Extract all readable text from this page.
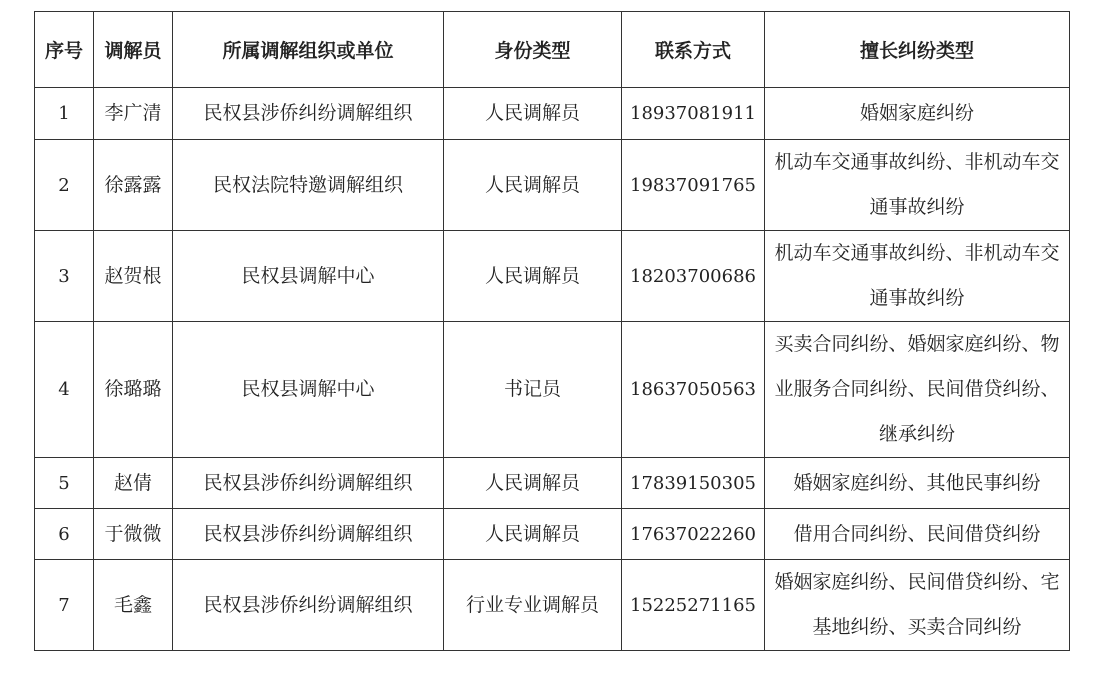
序号	调解员	所属调解组织或单位	身份类型	联系方式	擅长纠纷类型
1	李广清	民权县涉侨纠纷调解组织	人民调解员	18937081911	婚姻家庭纠纷
2	徐露露	民权法院特邀调解组织	人民调解员	19837091765	机动车交通事故纠纷、非机动车交通事故纠纷
3	赵贺根	民权县调解中心	人民调解员	18203700686	机动车交通事故纠纷、非机动车交通事故纠纷
4	徐璐璐	民权县调解中心	书记员	18637050563	买卖合同纠纷、婚姻家庭纠纷、物业服务合同纠纷、民间借贷纠纷、继承纠纷
5	赵倩	民权县涉侨纠纷调解组织	人民调解员	17839150305	婚姻家庭纠纷、其他民事纠纷
6	于微微	民权县涉侨纠纷调解组织	人民调解员	17637022260	借用合同纠纷、民间借贷纠纷
7	毛鑫	民权县涉侨纠纷调解组织	行业专业调解员	15225271165	婚姻家庭纠纷、民间借贷纠纷、宅基地纠纷、买卖合同纠纷
